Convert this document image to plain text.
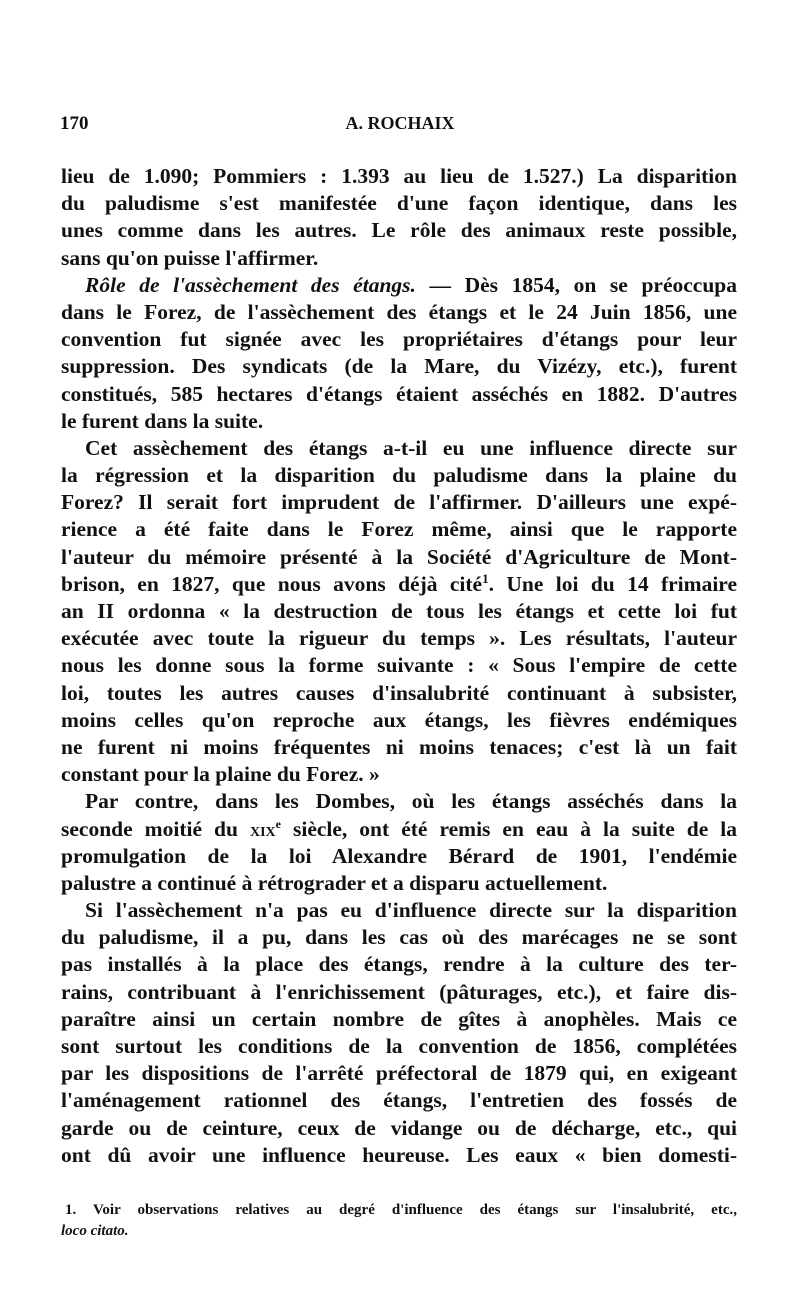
170	A. ROCHAIX
lieu de 1.090; Pommiers : 1.393 au lieu de 1.527.) La disparition
du paludisme s'est manifestée d'une façon identique, dans les
unes comme dans les autres. Le rôle des animaux reste possible,
sans qu'on puisse l'affirmer.
Rôle de l'assèchement des étangs. — Dès 1854, on se préoccupa
dans le Forez, de l'assèchement des étangs et le 24 Juin 1856, une
convention fut signée avec les propriétaires d'étangs pour leur
suppression. Des syndicats (de la Mare, du Vizézy, etc.), furent
constitués, 585 hectares d'étangs étaient asséchés en 1882. D'autres
le furent dans la suite.
Cet assèchement des étangs a-t-il eu une influence directe sur
la régression et la disparition du paludisme dans la plaine du
Forez? Il serait fort imprudent de l'affirmer. D'ailleurs une expé-
rience a été faite dans le Forez même, ainsi que le rapporte
l'auteur du mémoire présenté à la Société d'Agriculture de Mont-
brison, en 1827, que nous avons déjà cité$^1$. Une loi du 14 frimaire
an II ordonna « la destruction de tous les étangs et cette loi fut
exécutée avec toute la rigueur du temps ». Les résultats, l'auteur
nous les donne sous la forme suivante : « Sous l'empire de cette
loi, toutes les autres causes d'insalubrité continuant à subsister,
moins celles qu'on reproche aux étangs, les fièvres endémiques
ne furent ni moins fréquentes ni moins tenaces; c'est là un fait
constant pour la plaine du Forez. »
Par contre, dans les Dombes, où les étangs asséchés dans la
seconde moitié du XIXe siècle, ont été remis en eau à la suite de la
promulgation de la loi Alexandre Bérard de 1901, l'endémie
palustre a continué à rétrograder et a disparu actuellement.
Si l'assèchement n'a pas eu d'influence directe sur la disparition
du paludisme, il a pu, dans les cas où des marécages ne se sont
pas installés à la place des étangs, rendre à la culture des ter-
rains, contribuant à l'enrichissement (pâturages, etc.), et faire dis-
paraître ainsi un certain nombre de gîtes à anophèles. Mais ce
sont surtout les conditions de la convention de 1856, complétées
par les dispositions de l'arrêté préfectoral de 1879 qui, en exigeant
l'aménagement rationnel des étangs, l'entretien des fossés de
garde ou de ceinture, ceux de vidange ou de décharge, etc., qui
ont dû avoir une influence heureuse. Les eaux « bien domesti-
1. Voir observations relatives au degré d'influence des étangs sur l'insalubrité, etc.,
loco citato.
